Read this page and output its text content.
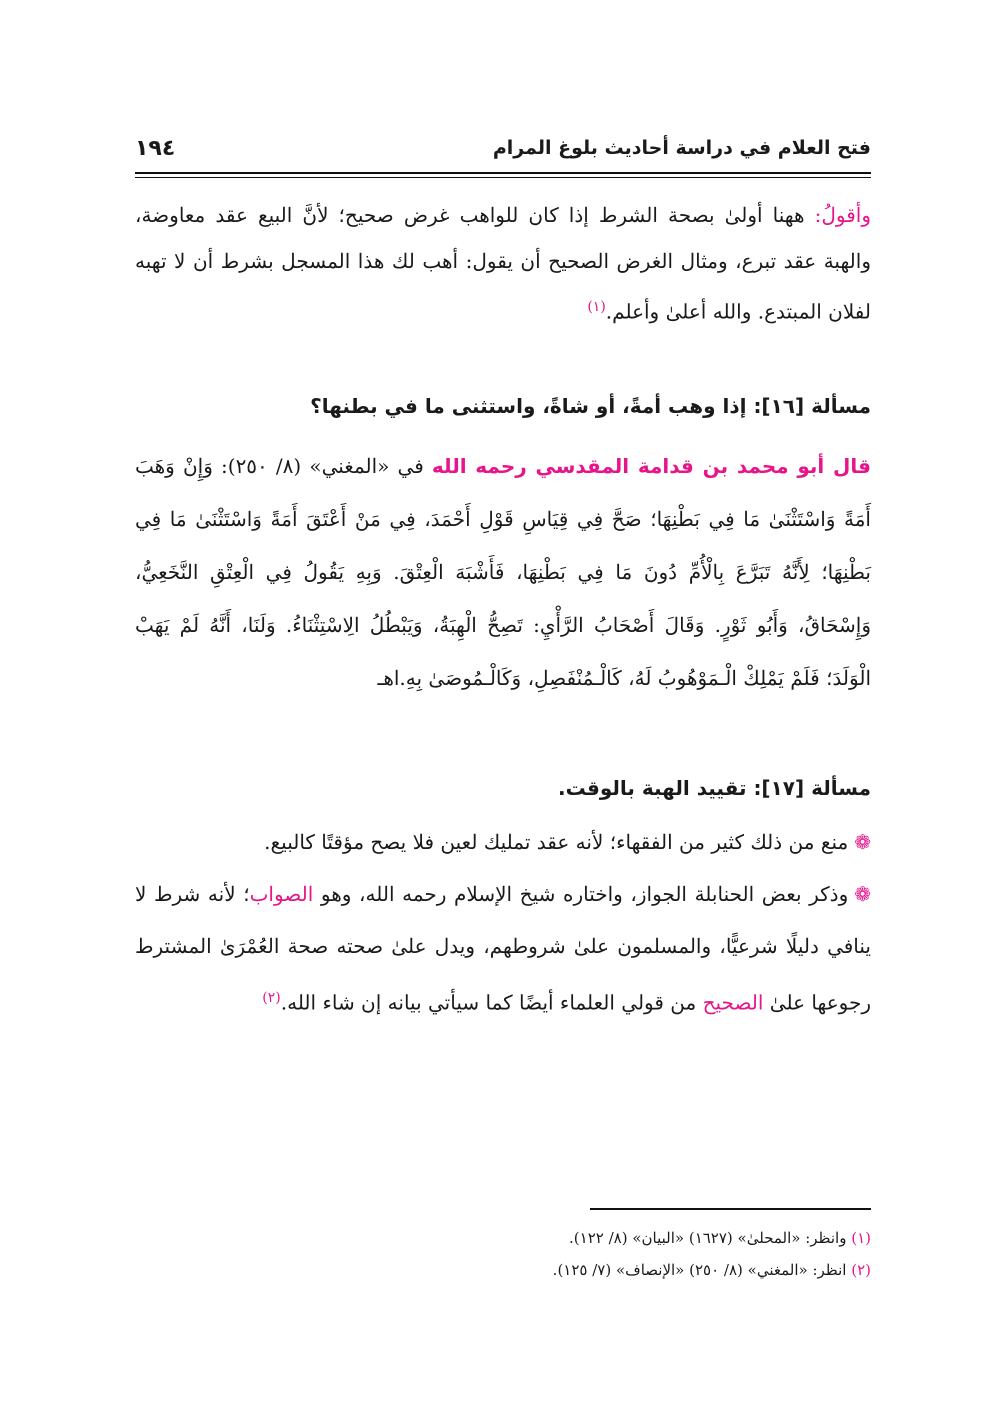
فتح العلام في دراسة أحاديث بلوغ المرام
١٩٤

وأقولُ: ههنا أولىٰ بصحة الشرط إذا كان للواهب غرض صحيح؛ لأنَّ البيع عقد معاوضة، والهبة عقد تبرع، ومثال الغرض الصحيح أن يقول: أهب لك هذا المسجل بشرط أن لا تهبه لفلان المبتدع. والله أعلىٰ وأعلم.$^{(١)}$

مسألة [١٦]: إذا وهب أمةً، أو شاةً، واستثنى ما في بطنها؟

قال أبو محمد بن قدامة المقدسي رحمه الله في «المغني» (٨/ ٢٥٠): وَإِنْ وَهَبَ أَمَةً وَاسْتَثْنَىٰ مَا فِي بَطْنِهَا؛ صَحَّ فِي قِيَاسِ قَوْلِ أَحْمَدَ، فِي مَنْ أَعْتَقَ أَمَةً وَاسْتَثْنَىٰ مَا فِي بَطْنِهَا؛ لِأَنَّهُ تَبَرَّعَ بِالْأُمِّ دُونَ مَا فِي بَطْنِهَا، فَأَشْبَهَ الْعِتْقَ. وَبِهِ يَقُولُ فِي الْعِتْقِ النَّخَعِيُّ، وَإِسْحَاقُ، وَأَبُو ثَوْرٍ. وَقَالَ أَصْحَابُ الرَّأْيِ: تَصِحُّ الْهِبَةُ، وَيَبْطُلُ الِاسْتِثْنَاءُ. وَلَنَا، أَنَّهُ لَمْ يَهَبْ الْوَلَدَ؛ فَلَمْ يَمْلِكْ الْـمَوْهُوبُ لَهُ، كَالْـمُنْفَصِلِ، وَكَالْـمُوصَىٰ بِهِ.اهـ

مسألة [١٧]: تقييد الهبة بالوقت.

❁منع من ذلك كثير من الفقهاء؛ لأنه عقد تمليك لعين فلا يصح مؤقتًا كالبيع.

❁وذكر بعض الحنابلة الجواز، واختاره شيخ الإسلام رحمه الله، وهو الصواب؛ لأنه شرط لا ينافي دليلًا شرعيًّا، والمسلمون علىٰ شروطهم، ويدل علىٰ صحته صحة العُمْرَىٰ المشترط رجوعها علىٰ الصحيح من قولي العلماء أيضًا كما سيأتي بيانه إن شاء الله.$^{(٢)}$

(١) وانظر: «المحلىٰ» (١٦٢٧) «البيان» (٨/ ١٢٢).

(٢) انظر: «المغني» (٨/ ٢٥٠) «الإنصاف» (٧/ ١٢٥).
